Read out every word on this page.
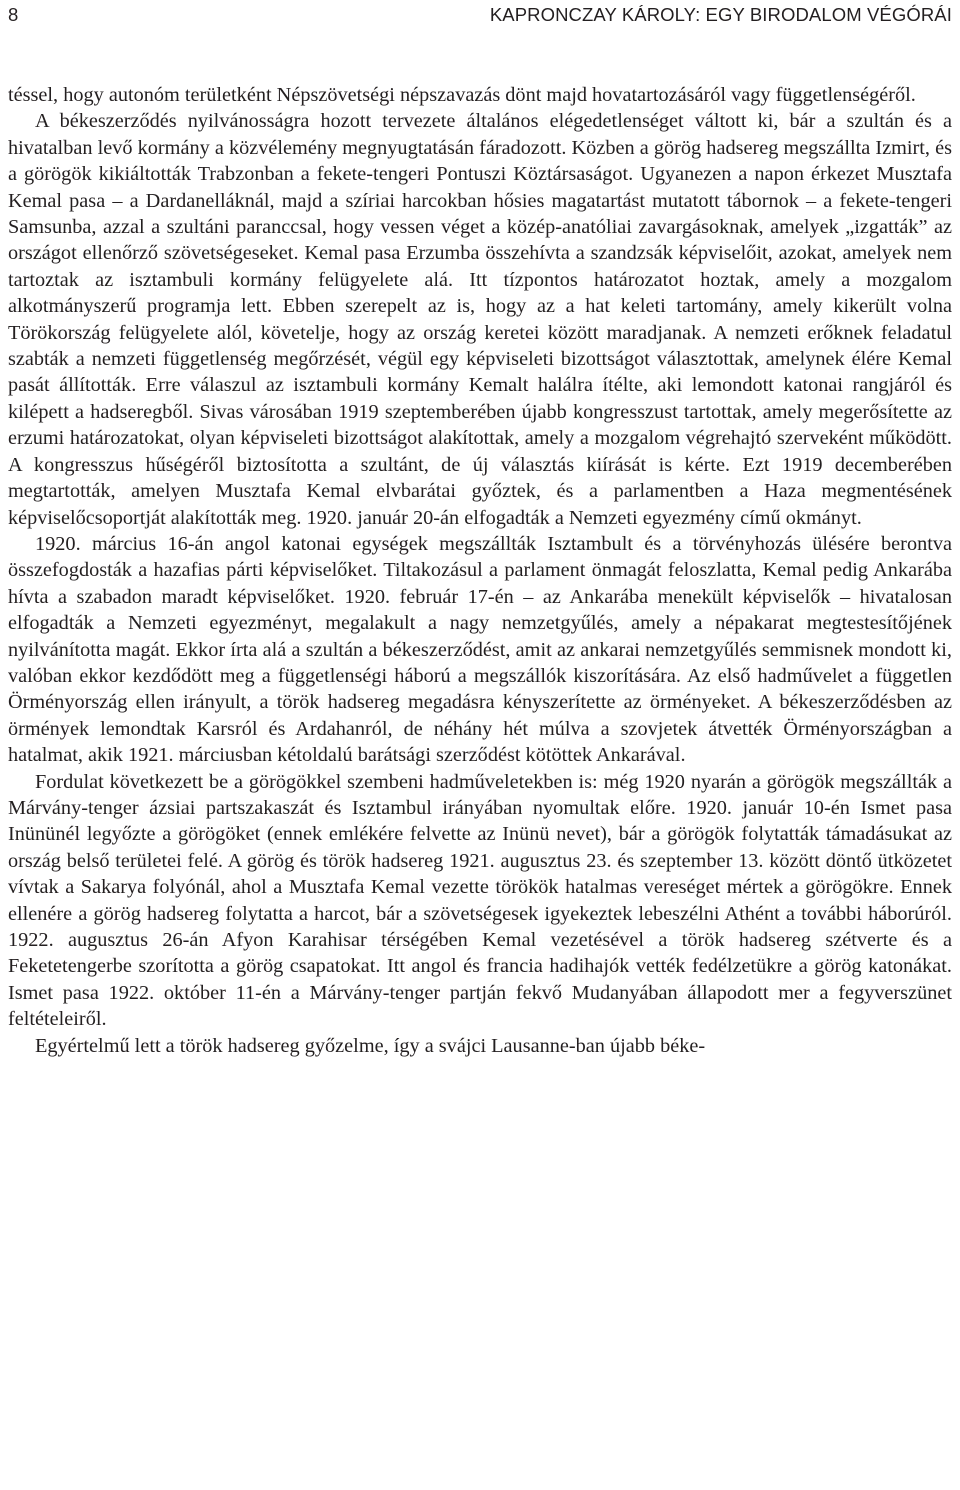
8	KAPRONCZAY KÁROLY: EGY BIRODALOM VÉGÓRÁI

téssel, hogy autonóm területként Népszövetségi népszavazás dönt majd hovatartozásáról vagy függetlenségéről.

A békeszerződés nyilvánosságra hozott tervezete általános elégedetlenséget váltott ki, bár a szultán és a hivatalban levő kormány a közvélemény megnyugtatásán fáradozott. Közben a görög hadsereg megszállta Izmirt, és a görögök kikiáltották Trabzonban a fekete-tengeri Pontuszi Köztársaságot. Ugyanezen a napon érkezet Musztafa Kemal pasa – a Dardanelláknál, majd a szíriai harcokban hősies magatartást mutatott tábornok – a fekete-tengeri Samsunba, azzal a szultáni paranccsal, hogy vessen véget a közép-anatóliai zavargásoknak, amelyek „izgatták” az országot ellenőrző szövetségeseket. Kemal pasa Erzumba összehívta a szandzsák képviselőit, azokat, amelyek nem tartoztak az isztambuli kormány felügyelete alá. Itt tízpontos határozatot hoztak, amely a mozgalom alkotmányszerű programja lett. Ebben szerepelt az is, hogy az a hat keleti tartomány, amely kikerült volna Törökország felügyelete alól, követelje, hogy az ország keretei között maradjanak. A nemzeti erőknek feladatul szabták a nemzeti függetlenség megőrzését, végül egy képviseleti bizottságot választottak, amelynek élére Kemal pasát állították. Erre válaszul az isztambuli kormány Kemalt halálra ítélte, aki lemondott katonai rangjáról és kilépett a hadseregből. Sivas városában 1919 szeptemberében újabb kongresszust tartottak, amely megerősítette az erzumi határozatokat, olyan képviseleti bizottságot alakítottak, amely a mozgalom végrehajtó szerveként működött. A kongresszus hűségéről biztosította a szultánt, de új választás kiírását is kérte. Ezt 1919 decemberében megtartották, amelyen Musztafa Kemal elvbarátai győztek, és a parlamentben a Haza megmentésének képviselőcsoportját alakították meg. 1920. január 20-án elfogadták a Nemzeti egyezmény című okmányt.

1920. március 16-án angol katonai egységek megszállták Isztambult és a törvényhozás ülésére berontva összefogdosták a hazafias párti képviselőket. Tiltakozásul a parlament önmagát feloszlatta, Kemal pedig Ankarába hívta a szabadon maradt képviselőket. 1920. február 17-én – az Ankarába menekült képviselők – hivatalosan elfogadták a Nemzeti egyezményt, megalakult a nagy nemzetgyűlés, amely a népakarat megtestesítőjének nyilvánította magát. Ekkor írta alá a szultán a békeszerződést, amit az ankarai nemzetgyűlés semmisnek mondott ki, valóban ekkor kezdődött meg a függetlenségi háború a megszállók kiszorítására. Az első hadművelet a független Örményország ellen irányult, a török hadsereg megadásra kényszerítette az örményeket. A békeszerződésben az örmények lemondtak Karsról és Ardahanról, de néhány hét múlva a szovjetek átvették Örményországban a hatalmat, akik 1921. márciusban kétoldalú barátsági szerződést kötöttek Ankarával.

Fordulat következett be a görögökkel szembeni hadműveletekben is: még 1920 nyarán a görögök megszállták a Márvány-tenger ázsiai partszakaszát és Isztambul irányában nyomultak előre. 1920. január 10-én Ismet pasa Inününél legyőzte a görögöket (ennek emlékére felvette az Inünü nevet), bár a görögök folytatták támadásukat az ország belső területei felé. A görög és török hadsereg 1921. augusztus 23. és szeptember 13. között döntő ütközetet vívtak a Sakarya folyónál, ahol a Musztafa Kemal vezette törökök hatalmas vereséget mértek a görögökre. Ennek ellenére a görög hadsereg folytatta a harcot, bár a szövetségesek igyekeztek lebeszélni Athént a további háborúról. 1922. augusztus 26-án Afyon Karahisar térségében Kemal vezetésével a török hadsereg szétverte és a Feketetengerbe szorította a görög csapatokat. Itt angol és francia hadihajók vették fedélzetükre a görög katonákat. Ismet pasa 1922. október 11-én a Márvány-tenger partján fekvő Mudanyában állapodott mer a fegyverszünet feltételeiről.

Egyértelmű lett a török hadsereg győzelme, így a svájci Lausanne-ban újabb béke-
